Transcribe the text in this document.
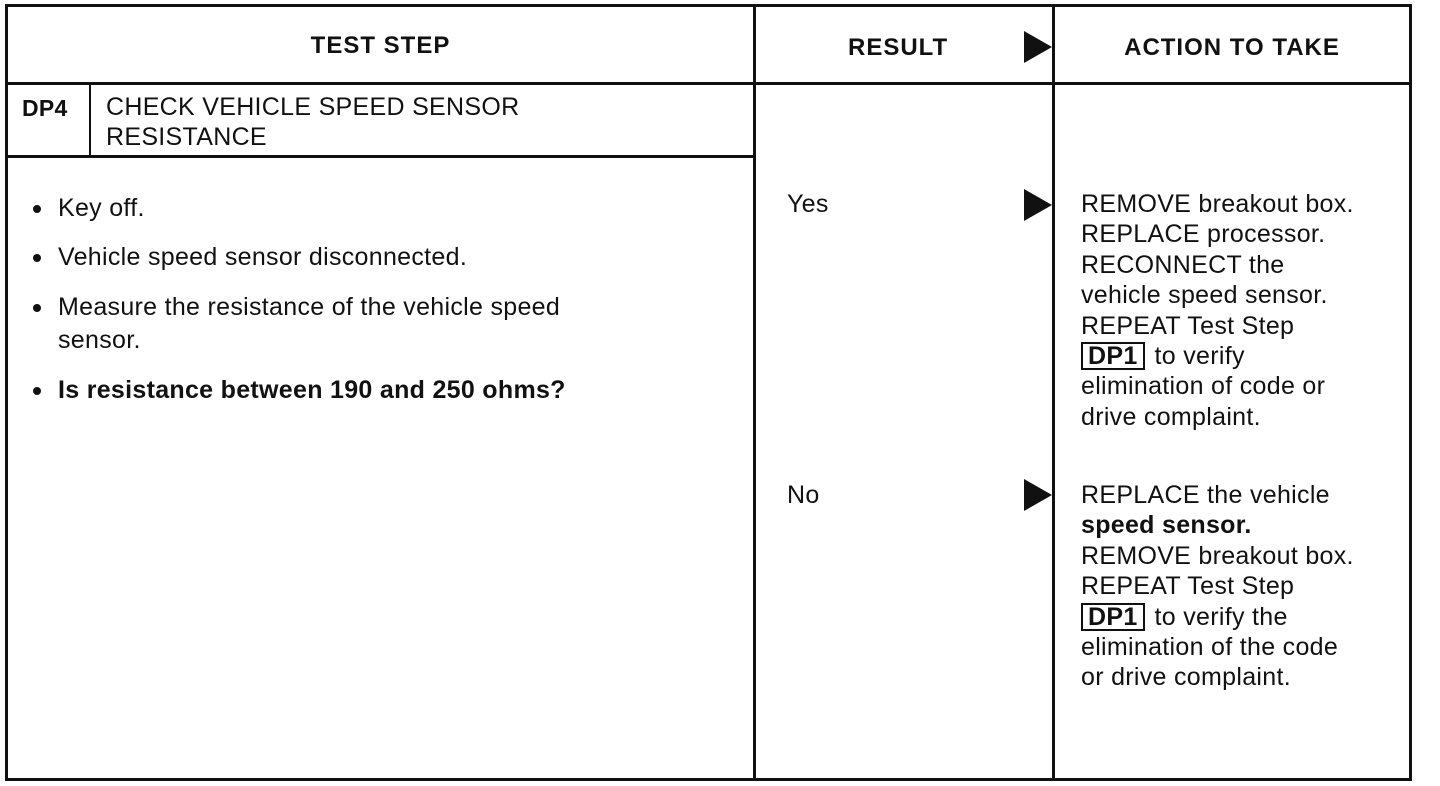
TEST STEP	RESULT	ACTION TO TAKE
DP4 CHECK VEHICLE SPEED SENSOR
RESISTANCE
Key off.
Vehicle speed sensor disconnected.
Measure the resistance of the vehicle speed
sensor.
Is resistance between 190 and 250 ohms?
Yes	REMOVE breakout box.
REPLACE processor.
RECONNECT the
vehicle speed sensor.
REPEAT Test Step
DP1 to verify
elimination of code or
drive complaint.
No	REPLACE the vehicle
speed sensor.
REMOVE breakout box.
REPEAT Test Step
DP1 to verify the
elimination of the code
or drive complaint.
